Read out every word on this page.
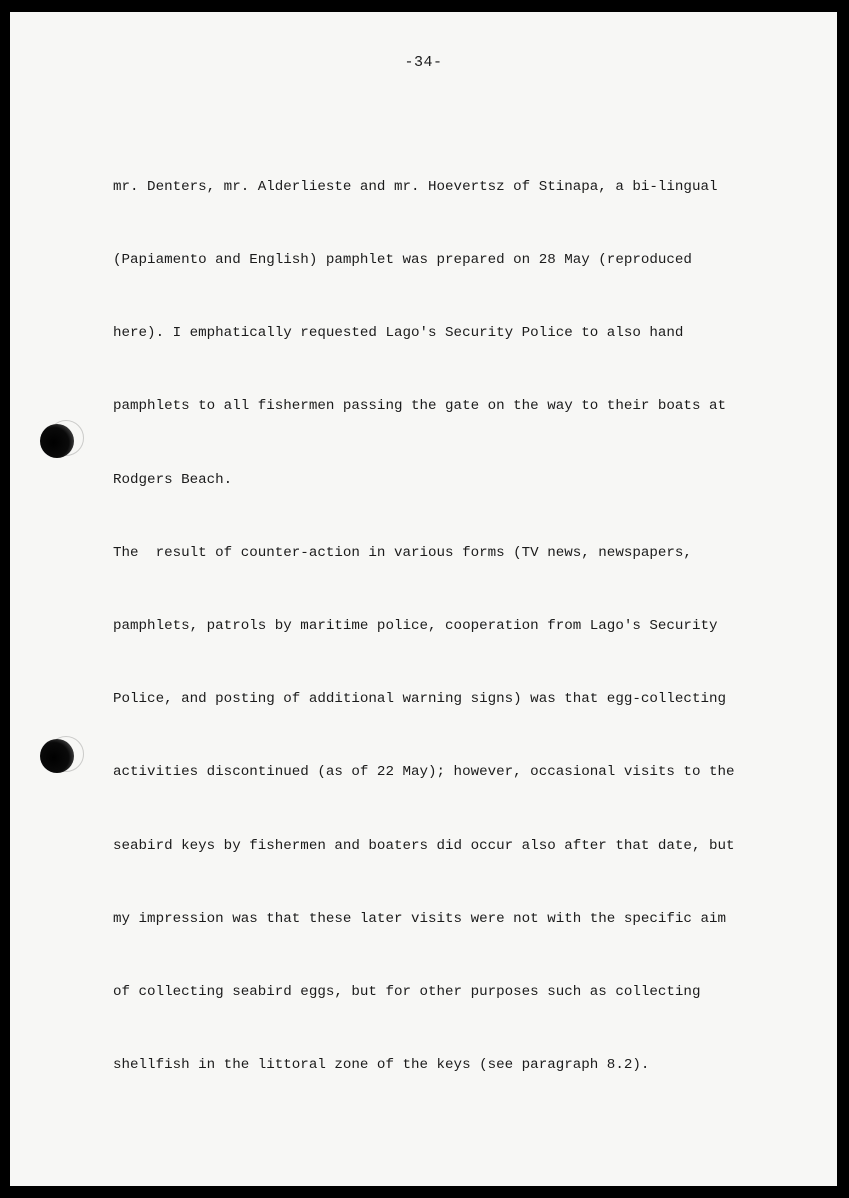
-34-

mr. Denters, mr. Alderlieste and mr. Hoevertsz of Stinapa, a bi-lingual

(Papiamento and English) pamphlet was prepared on 28 May (reproduced

here). I emphatically requested Lago's Security Police to also hand

pamphlets to all fishermen passing the gate on the way to their boats at

Rodgers Beach.

The  result of counter-action in various forms (TV news, newspapers,

pamphlets, patrols by maritime police, cooperation from Lago's Security

Police, and posting of additional warning signs) was that egg-collecting

activities discontinued (as of 22 May); however, occasional visits to the

seabird keys by fishermen and boaters did occur also after that date, but

my impression was that these later visits were not with the specific aim

of collecting seabird eggs, but for other purposes such as collecting

shellfish in the littoral zone of the keys (see paragraph 8.2).
